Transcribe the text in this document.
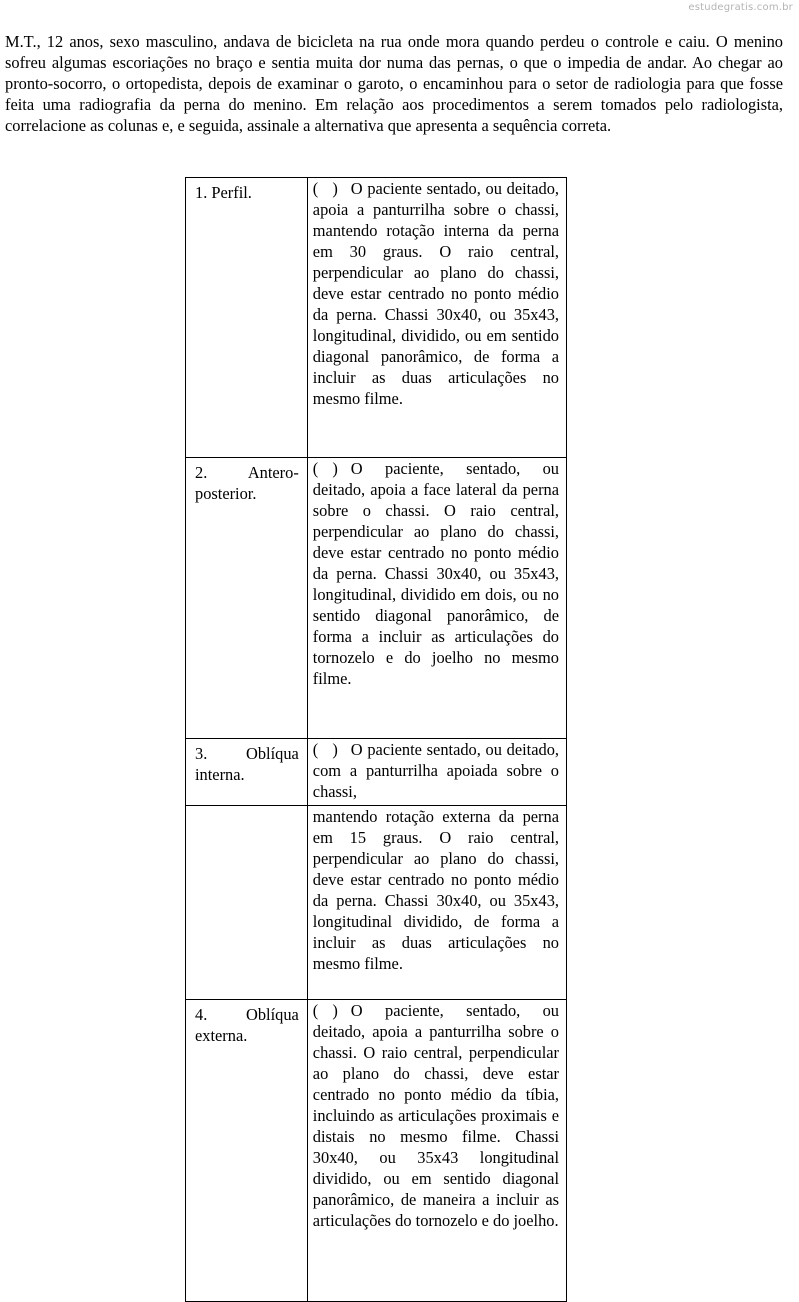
estudegratis.com.br

M.T., 12 anos, sexo masculino, andava de bicicleta na rua onde mora quando perdeu o controle e caiu. O menino sofreu algumas escoriações no braço e sentia muita dor numa das pernas, o que o impedia de andar. Ao chegar ao pronto-socorro, o ortopedista, depois de examinar o garoto, o encaminhou para o setor de radiologia para que fosse feita uma radiografia da perna do menino. Em relação aos procedimentos a serem tomados pelo radiologista, correlacione as colunas e, e seguida, assinale a alternativa que apresenta a sequência correta.

1. Perfil.	( ) O paciente sentado, ou deitado, apoia a panturrilha sobre o chassi, mantendo rotação interna da perna em 30 graus. O raio central, perpendicular ao plano do chassi, deve estar centrado no ponto médio da perna. Chassi 30x40, ou 35x43, longitudinal, dividido, ou em sentido diagonal panorâmico, de forma a incluir as duas articulações no mesmo filme.

2. Antero-posterior.	( ) O paciente, sentado, ou deitado, apoia a face lateral da perna sobre o chassi. O raio central, perpendicular ao plano do chassi, deve estar centrado no ponto médio da perna. Chassi 30x40, ou 35x43, longitudinal, dividido em dois, ou no sentido diagonal panorâmico, de forma a incluir as articulações do tornozelo e do joelho no mesmo filme.

3. Oblíqua interna.	( ) O paciente sentado, ou deitado, com a panturrilha apoiada sobre o chassi,

	mantendo rotação externa da perna em 15 graus. O raio central, perpendicular ao plano do chassi, deve estar centrado no ponto médio da perna. Chassi 30x40, ou 35x43, longitudinal dividido, de forma a incluir as duas articulações no mesmo filme.

4. Oblíqua externa.	( ) O paciente, sentado, ou deitado, apoia a panturrilha sobre o chassi. O raio central, perpendicular ao plano do chassi, deve estar centrado no ponto médio da tíbia, incluindo as articulações proximais e distais no mesmo filme. Chassi 30x40, ou 35x43 longitudinal dividido, ou em sentido diagonal panorâmico, de maneira a incluir as articulações do tornozelo e do joelho.
